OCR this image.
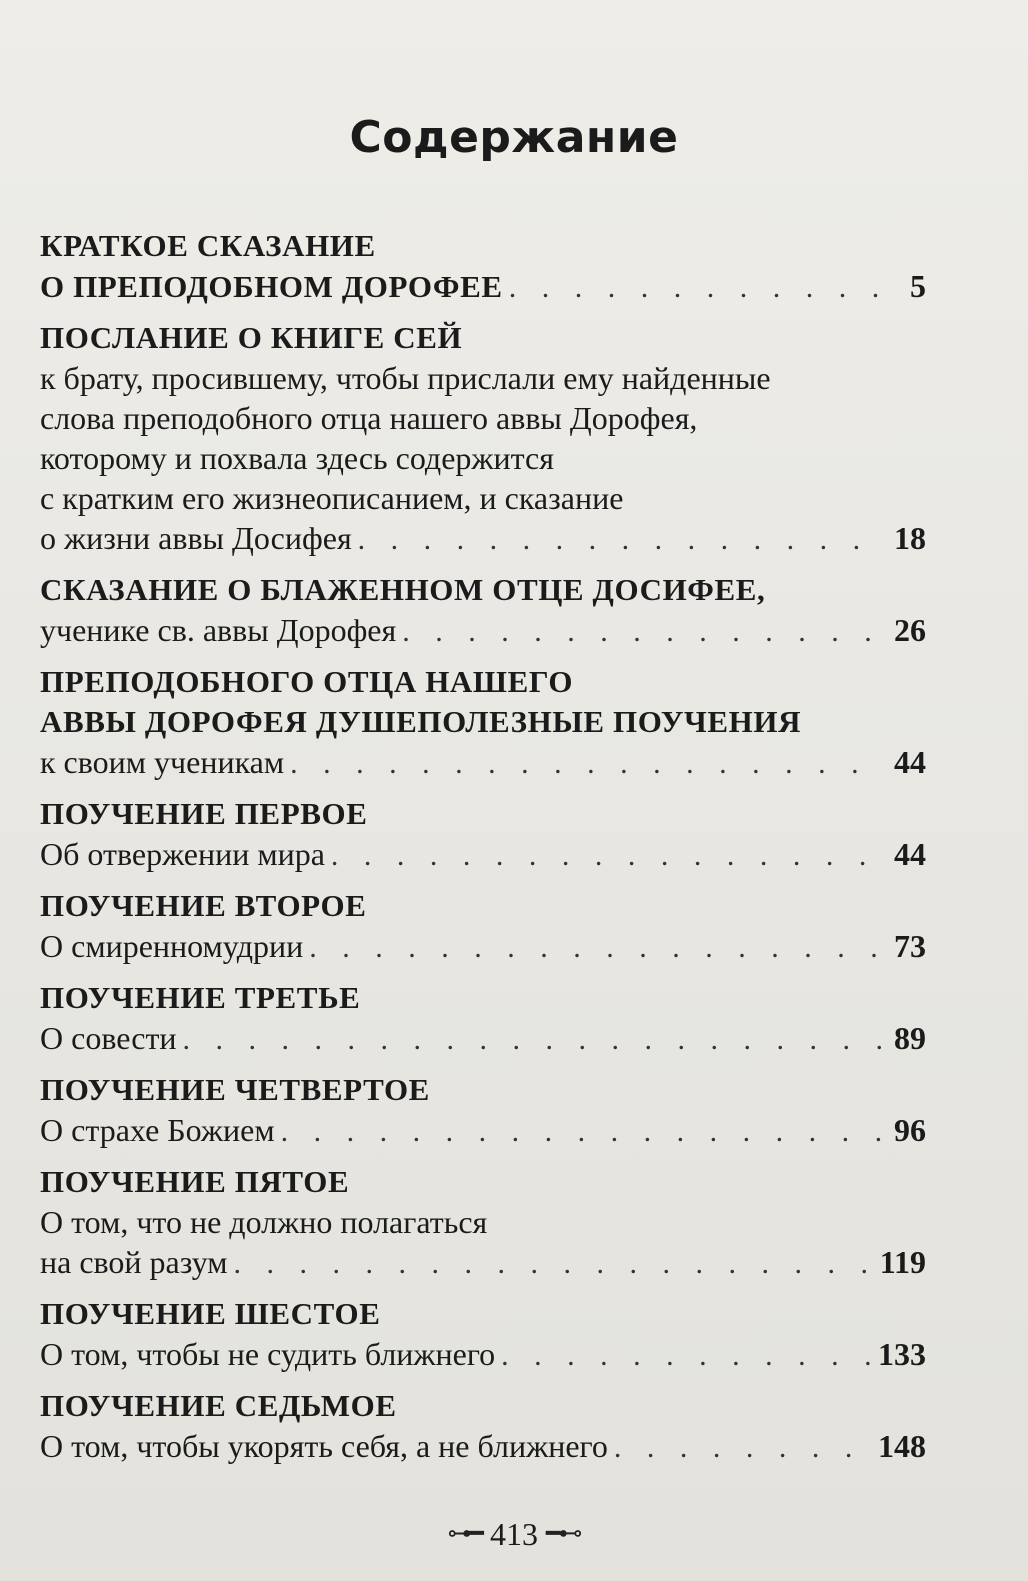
Содержание
КРАТКОЕ СКАЗАНИЕ
О ПРЕПОДОБНОМ ДОРОФЕЕ . . .	5
ПОСЛАНИЕ О КНИГЕ СЕЙ
к брату, просившему, чтобы прислали ему найденные
слова преподобного отца нашего аввы Дорофея,
которому и похвала здесь содержится
с кратким его жизнеописанием, и сказание
о жизни аввы Досифея . . .	18
СКАЗАНИЕ О БЛАЖЕННОМ ОТЦЕ ДОСИФЕЕ,
ученике св. аввы Дорофея . . .	26
ПРЕПОДОБНОГО ОТЦА НАШЕГО
АВВЫ ДОРОФЕЯ ДУШЕПОЛЕЗНЫЕ ПОУЧЕНИЯ
к своим ученикам . . .	44
ПОУЧЕНИЕ ПЕРВОЕ
Об отвержении мира . . .	44
ПОУЧЕНИЕ ВТОРОЕ
О смиренномудрии . . .	73
ПОУЧЕНИЕ ТРЕТЬЕ
О совести . . .	89
ПОУЧЕНИЕ ЧЕТВЕРТОЕ
О страхе Божием . . .	96
ПОУЧЕНИЕ ПЯТОЕ
О том, что не должно полагаться
на свой разум . . .	119
ПОУЧЕНИЕ ШЕСТОЕ
О том, чтобы не судить ближнего . . .	133
ПОУЧЕНИЕ СЕДЬМОЕ
О том, чтобы укорять себя, а не ближнего . . .	148
⊶━ 413 ━⊷
